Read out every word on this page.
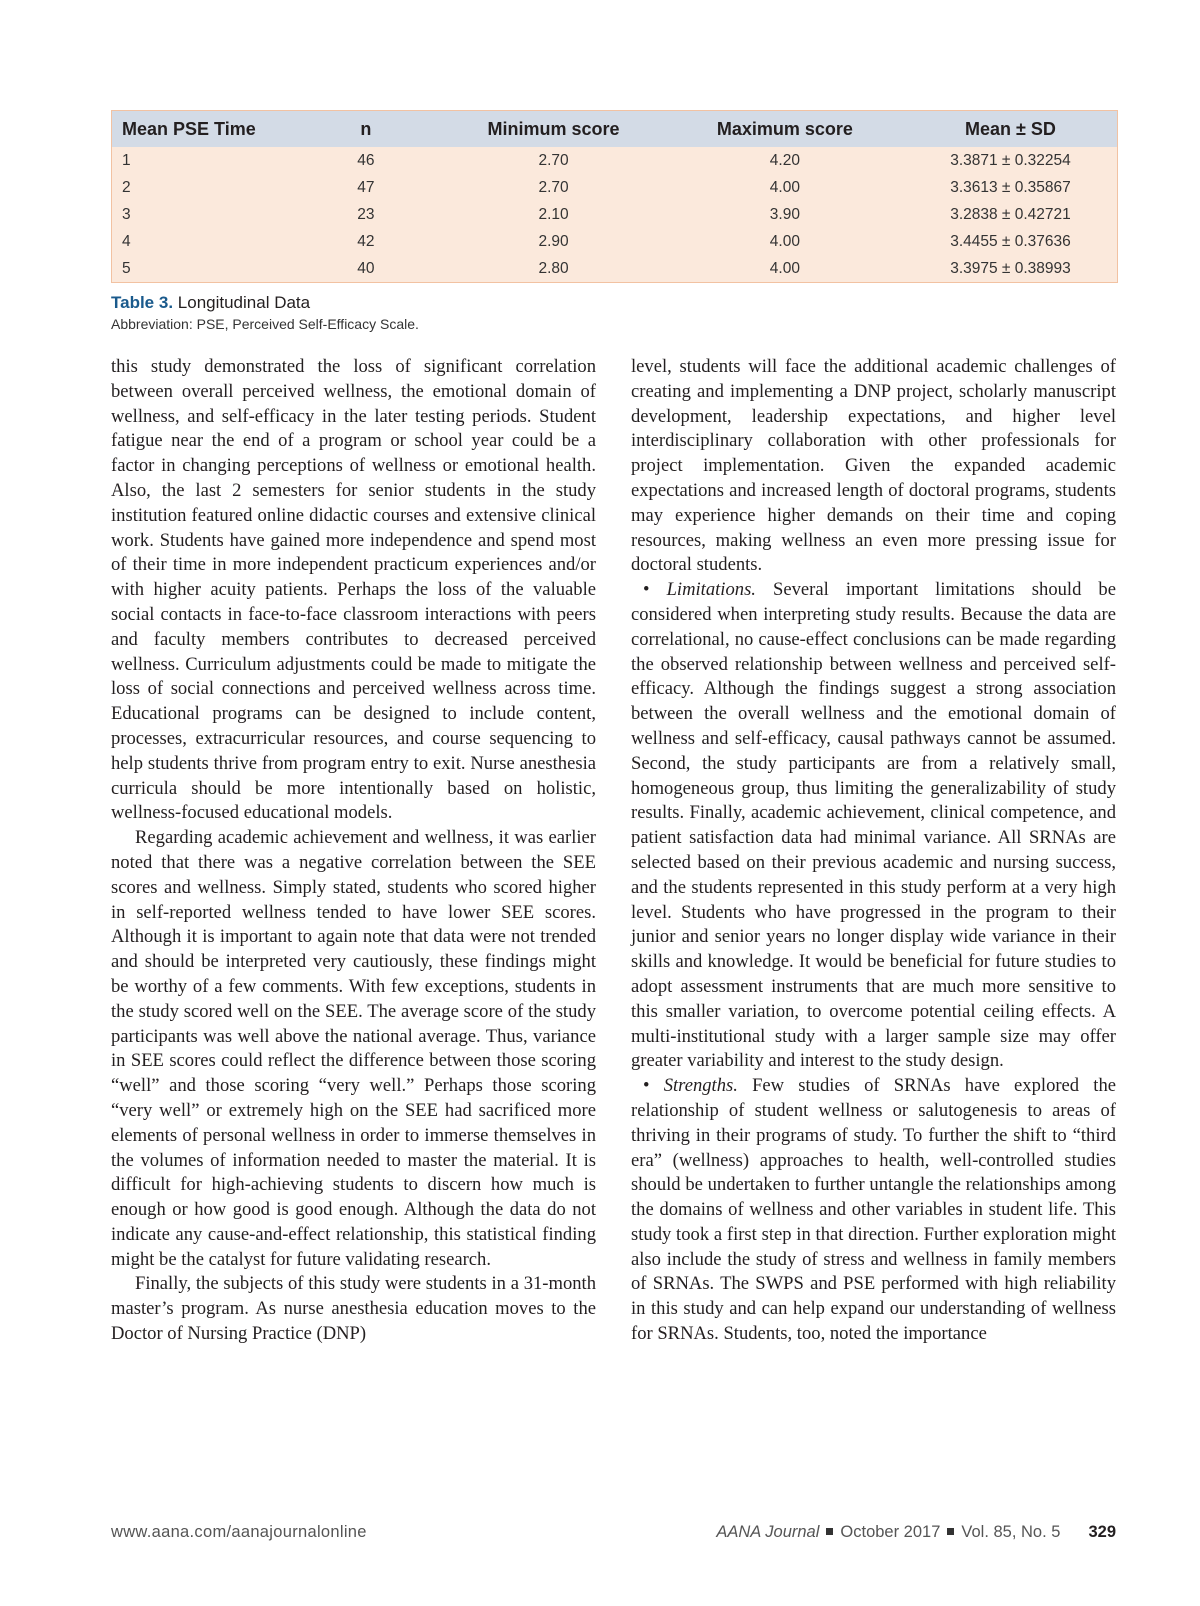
Mean PSE Time	n	Minimum score	Maximum score	Mean ± SD
1	46	2.70	4.20	3.3871 ± 0.32254
2	47	2.70	4.00	3.3613 ± 0.35867
3	23	2.10	3.90	3.2838 ± 0.42721
4	42	2.90	4.00	3.4455 ± 0.37636
5	40	2.80	4.00	3.3975 ± 0.38993
Table 3. Longitudinal Data
Abbreviation: PSE, Perceived Self-Efficacy Scale.

this study demonstrated the loss of significant correlation between overall perceived wellness, the emotional domain of wellness, and self-efficacy in the later testing periods. Student fatigue near the end of a program or school year could be a factor in changing perceptions of wellness or emotional health. Also, the last 2 semesters for senior students in the study institution featured online didactic courses and extensive clinical work. Students have gained more independence and spend most of their time in more independent practicum experiences and/or with higher acuity patients. Perhaps the loss of the valuable social contacts in face-to-face classroom interactions with peers and faculty members contributes to decreased perceived wellness. Curriculum adjustments could be made to mitigate the loss of social connections and perceived wellness across time. Educational programs can be designed to include content, processes, extracurricular resources, and course sequencing to help students thrive from program entry to exit. Nurse anesthesia curricula should be more intentionally based on holistic, wellness-focused educational models.

Regarding academic achievement and wellness, it was earlier noted that there was a negative correlation between the SEE scores and wellness. Simply stated, students who scored higher in self-reported wellness tended to have lower SEE scores. Although it is important to again note that data were not trended and should be interpreted very cautiously, these findings might be worthy of a few comments. With few exceptions, students in the study scored well on the SEE. The average score of the study participants was well above the national average. Thus, variance in SEE scores could reflect the difference between those scoring “well” and those scoring “very well.” Perhaps those scoring “very well” or extremely high on the SEE had sacrificed more elements of personal wellness in order to immerse themselves in the volumes of information needed to master the material. It is difficult for high-achieving students to discern how much is enough or how good is good enough. Although the data do not indicate any cause-and-effect relationship, this statistical finding might be the catalyst for future validating research.

Finally, the subjects of this study were students in a 31-month master’s program. As nurse anesthesia education moves to the Doctor of Nursing Practice (DNP)

level, students will face the additional academic challenges of creating and implementing a DNP project, scholarly manuscript development, leadership expectations, and higher level interdisciplinary collaboration with other professionals for project implementation. Given the expanded academic expectations and increased length of doctoral programs, students may experience higher demands on their time and coping resources, making wellness an even more pressing issue for doctoral students.

• Limitations. Several important limitations should be considered when interpreting study results. Because the data are correlational, no cause-effect conclusions can be made regarding the observed relationship between wellness and perceived self-efficacy. Although the findings suggest a strong association between the overall wellness and the emotional domain of wellness and self-efficacy, causal pathways cannot be assumed. Second, the study participants are from a relatively small, homogeneous group, thus limiting the generalizability of study results. Finally, academic achievement, clinical competence, and patient satisfaction data had minimal variance. All SRNAs are selected based on their previous academic and nursing success, and the students represented in this study perform at a very high level. Students who have progressed in the program to their junior and senior years no longer display wide variance in their skills and knowledge. It would be beneficial for future studies to adopt assessment instruments that are much more sensitive to this smaller variation, to overcome potential ceiling effects. A multi-institutional study with a larger sample size may offer greater variability and interest to the study design.

• Strengths. Few studies of SRNAs have explored the relationship of student wellness or salutogenesis to areas of thriving in their programs of study. To further the shift to “third era” (wellness) approaches to health, well-controlled studies should be undertaken to further untangle the relationships among the domains of wellness and other variables in student life. This study took a first step in that direction. Further exploration might also include the study of stress and wellness in family members of SRNAs. The SWPS and PSE performed with high reliability in this study and can help expand our understanding of wellness for SRNAs. Students, too, noted the importance

www.aana.com/aanajournalonline	AANA Journal October 2017 Vol. 85, No. 5 329
